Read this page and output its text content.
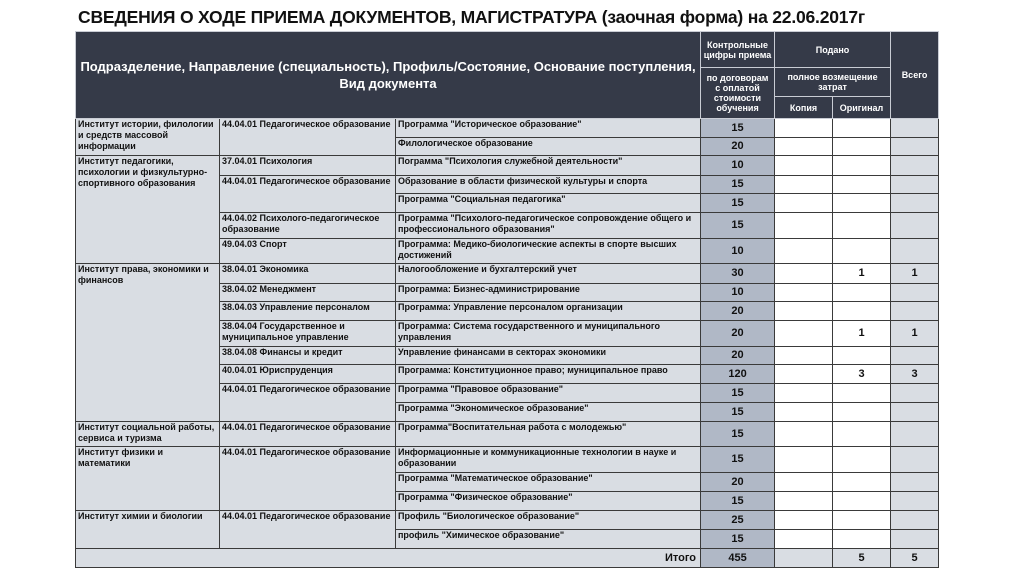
СВЕДЕНИЯ О ХОДЕ ПРИЕМА ДОКУМЕНТОВ, МАГИСТРАТУРА (заочная форма) на 22.06.2017г
Подразделение, Направление (специальность), Профиль/Состояние, Основание поступления, Вид документа			Контрольные цифры приема	Подано		Всего
			по договорам с оплатой стоимости обучения	полное возмещение затрат		
				Копия	Оригинал	
Институт истории, филологии и средств массовой информации	44.04.01 Педагогическое образование	Программа "Историческое образование"	15			
		Филологическое образование	20			
Институт педагогики, психологии и физкультурно-спортивного образования	37.04.01 Психология	Пограмма "Психология служебной деятельности"	10			
	44.04.01 Педагогическое образование	Образование в области физической культуры и спорта	15			
		Программа "Социальная педагогика"	15			
	44.04.02 Психолого-педагогическое образование	Программа "Психолого-педагогическое сопровождение общего и профессионального образования"	15			
	49.04.03 Спорт	Программа: Медико-биологические аспекты в спорте высших достижений	10			
Институт права, экономики и финансов	38.04.01 Экономика	Налогообложение и бухгалтерский учет	30		1	1
	38.04.02 Менеджмент	Программа: Бизнес-администрирование	10			
	38.04.03 Управление персоналом	Программа: Управление персоналом организации	20			
	38.04.04 Государственное и муниципальное управление	Программа: Система государственного и муниципального управления	20		1	1
	38.04.08 Финансы и кредит	Управление финансами в секторах экономики	20			
	40.04.01 Юриспруденция	Программа: Конституционное право; муниципальное право	120		3	3
	44.04.01 Педагогическое образование	Программа "Правовое образование"	15			
		Программа "Экономическое образование"	15			
Институт социальной работы, сервиса и туризма	44.04.01 Педагогическое образование	Программа"Воспитательная работа с молодежью"	15			
Институт физики и математики	44.04.01 Педагогическое образование	Информационные и коммуникационные технологии в науке и образовании	15			
		Программа "Математическое образование"	20			
		Программа "Физическое образование"	15			
Институт химии и биологии	44.04.01 Педагогическое образование	Профиль "Биологическое образование"	25			
		профиль "Химическое образование"	15			
Итого			455		5	5
